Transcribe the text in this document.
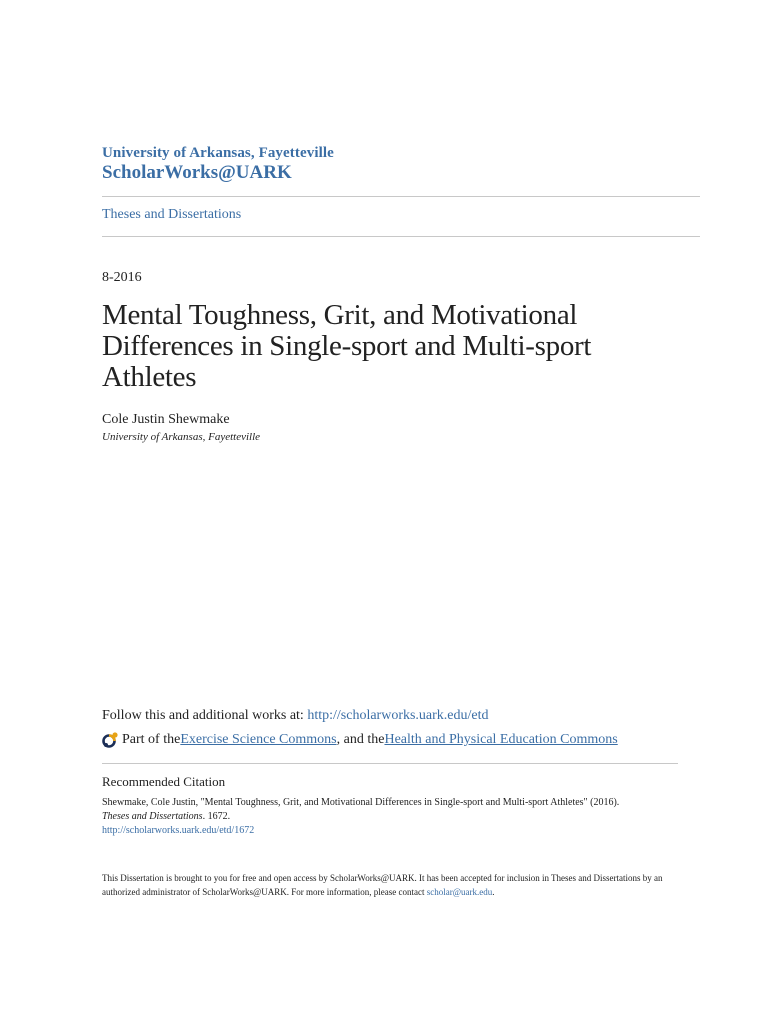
University of Arkansas, Fayetteville
ScholarWorks@UARK
Theses and Dissertations
8-2016
Mental Toughness, Grit, and Motivational Differences in Single-sport and Multi-sport Athletes
Cole Justin Shewmake
University of Arkansas, Fayetteville
Follow this and additional works at: http://scholarworks.uark.edu/etd
Part of the Exercise Science Commons , and the Health and Physical Education Commons
Recommended Citation
Shewmake, Cole Justin, "Mental Toughness, Grit, and Motivational Differences in Single-sport and Multi-sport Athletes" (2016).
Theses and Dissertations. 1672.
http://scholarworks.uark.edu/etd/1672
This Dissertation is brought to you for free and open access by ScholarWorks@UARK. It has been accepted for inclusion in Theses and Dissertations by an authorized administrator of ScholarWorks@UARK. For more information, please contact scholar@uark.edu.
